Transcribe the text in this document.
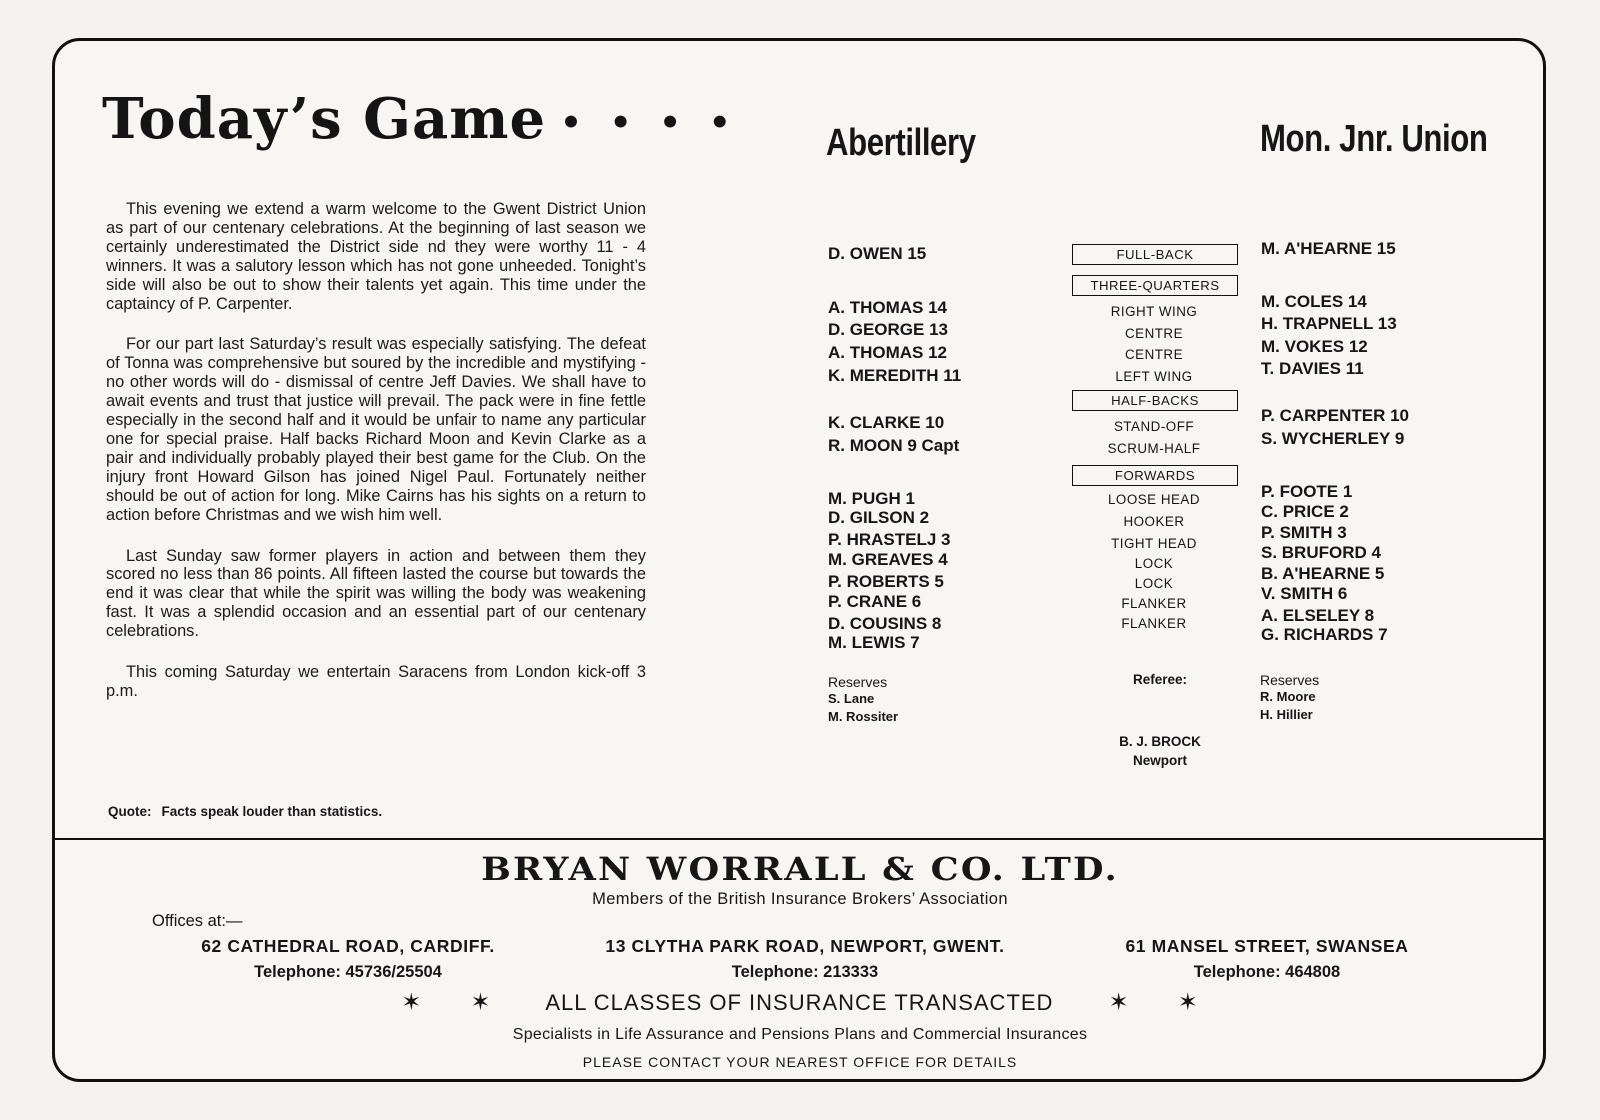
Today’s Game • • • •

This evening we extend a warm welcome to the Gwent District Union as part of our centenary celebrations. At the beginning of last season we certainly underestimated the District side nd they were worthy 11 - 4 winners. It was a salutory lesson which has not gone unheeded. Tonight’s side will also be out to show their talents yet again. This time under the captaincy of P. Carpenter.

For our part last Saturday’s result was especially satisfying. The defeat of Tonna was comprehensive but soured by the incredible and mystifying - no other words will do - dismissal of centre Jeff Davies. We shall have to await events and trust that justice will prevail. The pack were in fine fettle especially in the second half and it would be unfair to name any particular one for special praise. Half backs Richard Moon and Kevin Clarke as a pair and individually probably played their best game for the Club. On the injury front Howard Gilson has joined Nigel Paul. Fortunately neither should be out of action for long. Mike Cairns has his sights on a return to action before Christmas and we wish him well.

Last Sunday saw former players in action and between them they scored no less than 86 points. All fifteen lasted the course but towards the end it was clear that while the spirit was willing the body was weakening fast. It was a splendid occasion and an essential part of our centenary celebrations.

This coming Saturday we entertain Saracens from London kick-off 3 p.m.

Quote: Facts speak louder than statistics.
Abertillery	Mon. Jnr. Union
D. OWEN 15
A. THOMAS 14
D. GEORGE 13
A. THOMAS 12
K. MEREDITH 11
K. CLARKE 10
R. MOON 9 Capt
M. PUGH 1
D. GILSON 2
P. HRASTELJ 3
M. GREAVES 4
P. ROBERTS 5
P. CRANE 6
D. COUSINS 8
M. LEWIS 7
FULL-BACK
THREE-QUARTERS
RIGHT WING
CENTRE
CENTRE
LEFT WING
HALF-BACKS
STAND-OFF
SCRUM-HALF
FORWARDS
LOOSE HEAD
HOOKER
TIGHT HEAD
LOCK
LOCK
FLANKER
FLANKER
M. A'HEARNE 15
M. COLES 14
H. TRAPNELL 13
M. VOKES 12
T. DAVIES 11
P. CARPENTER 10
S. WYCHERLEY 9
P. FOOTE 1
C. PRICE 2
P. SMITH 3
S. BRUFORD 4
B. A'HEARNE 5
V. SMITH 6
A. ELSELEY 8
G. RICHARDS 7
Reserves
S. Lane
M. Rossiter
Referee:
B. J. BROCK
Newport
Reserves
R. Moore
H. Hillier
BRYAN WORRALL & CO. LTD.
Members of the British Insurance Brokers’ Association
Offices at:—
62 CATHEDRAL ROAD, CARDIFF.
Telephone: 45736/25504
13 CLYTHA PARK ROAD, NEWPORT, GWENT.
Telephone: 213333
61 MANSEL STREET, SWANSEA
Telephone: 464808
✶ ✶ ALL CLASSES OF INSURANCE TRANSACTED ✶ ✶
Specialists in Life Assurance and Pensions Plans and Commercial Insurances
PLEASE CONTACT YOUR NEAREST OFFICE FOR DETAILS
